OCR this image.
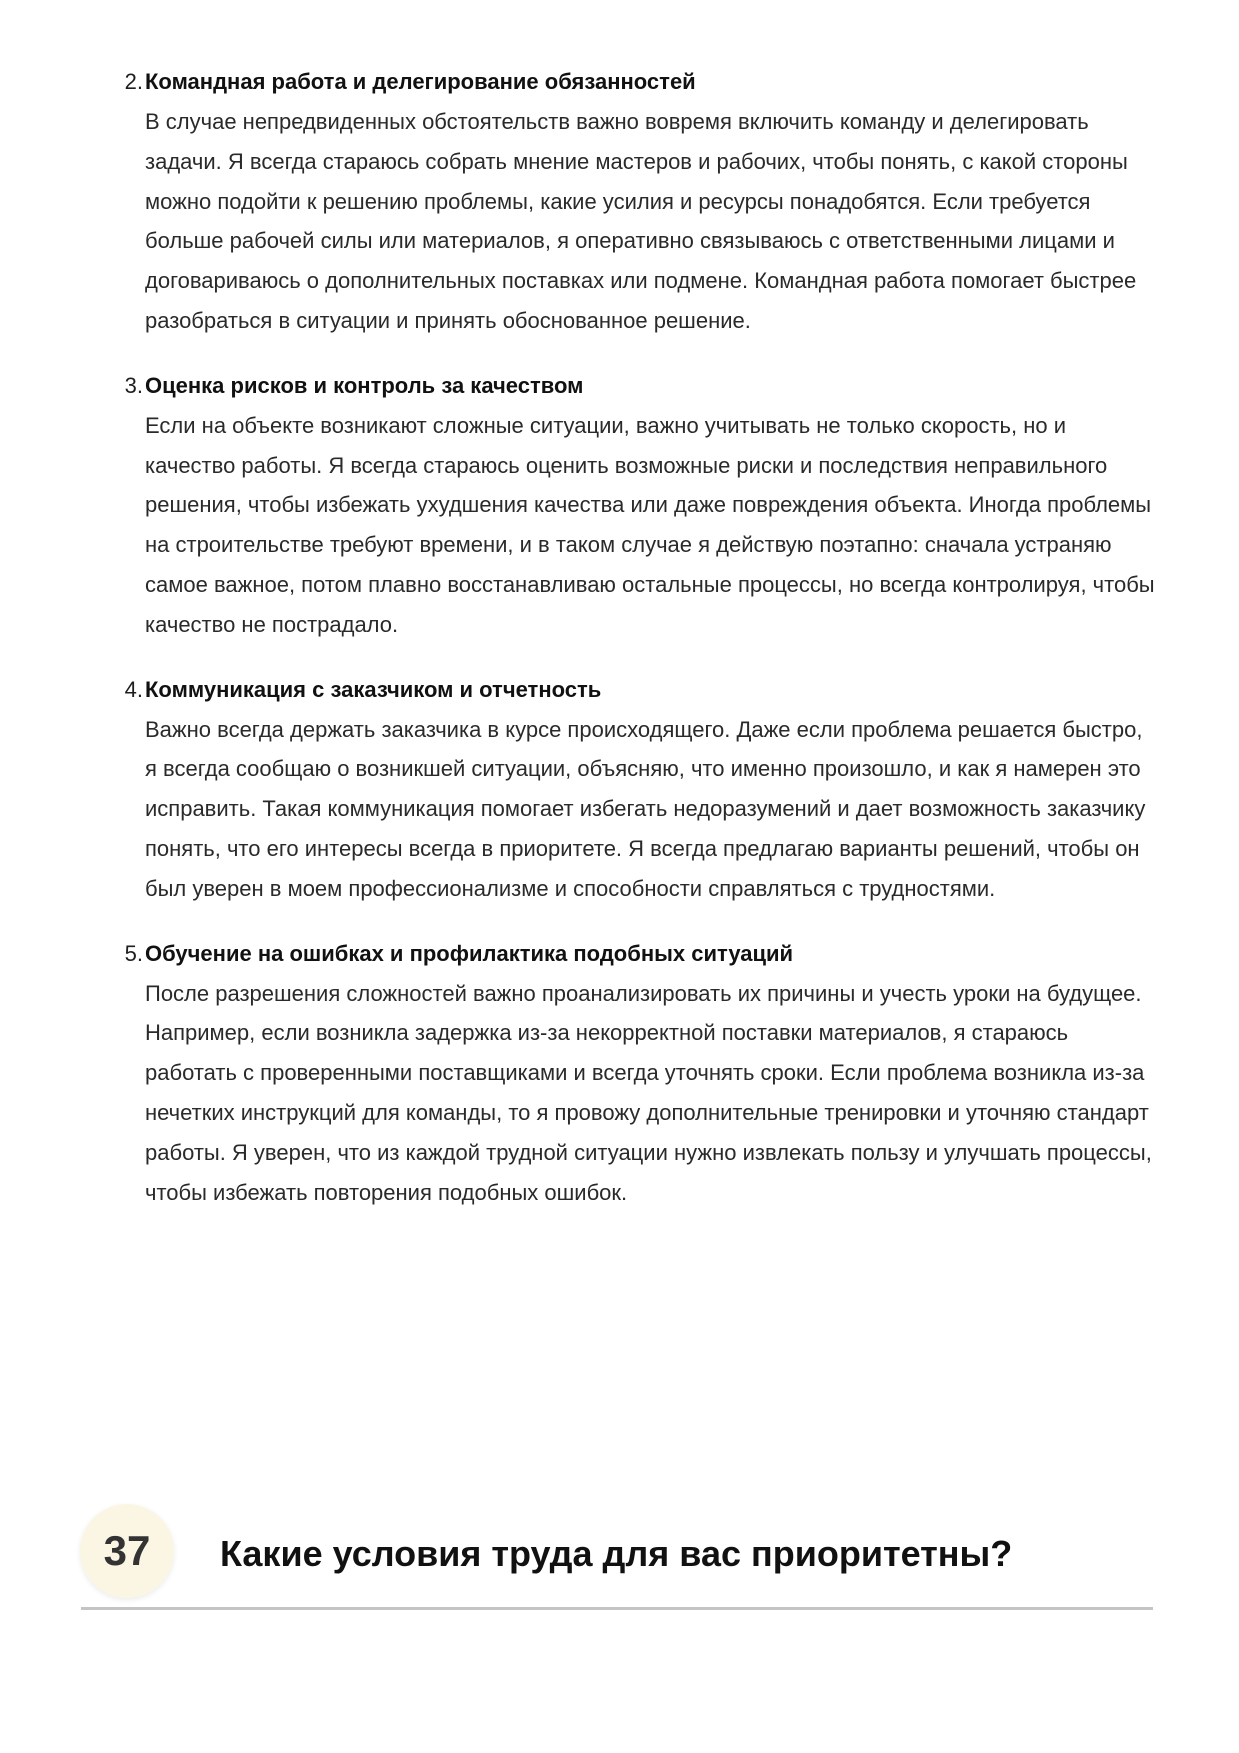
2. Командная работа и делегирование обязанностей
В случае непредвиденных обстоятельств важно вовремя включить команду и делегировать задачи. Я всегда стараюсь собрать мнение мастеров и рабочих, чтобы понять, с какой стороны можно подойти к решению проблемы, какие усилия и ресурсы понадобятся. Если требуется больше рабочей силы или материалов, я оперативно связываюсь с ответственными лицами и договариваюсь о дополнительных поставках или подмене. Командная работа помогает быстрее разобраться в ситуации и принять обоснованное решение.
3. Оценка рисков и контроль за качеством
Если на объекте возникают сложные ситуации, важно учитывать не только скорость, но и качество работы. Я всегда стараюсь оценить возможные риски и последствия неправильного решения, чтобы избежать ухудшения качества или даже повреждения объекта. Иногда проблемы на строительстве требуют времени, и в таком случае я действую поэтапно: сначала устраняю самое важное, потом плавно восстанавливаю остальные процессы, но всегда контролируя, чтобы качество не пострадало.
4. Коммуникация с заказчиком и отчетность
Важно всегда держать заказчика в курсе происходящего. Даже если проблема решается быстро, я всегда сообщаю о возникшей ситуации, объясняю, что именно произошло, и как я намерен это исправить. Такая коммуникация помогает избегать недоразумений и дает возможность заказчику понять, что его интересы всегда в приоритете. Я всегда предлагаю варианты решений, чтобы он был уверен в моем профессионализме и способности справляться с трудностями.
5. Обучение на ошибках и профилактика подобных ситуаций
После разрешения сложностей важно проанализировать их причины и учесть уроки на будущее. Например, если возникла задержка из-за некорректной поставки материалов, я стараюсь работать с проверенными поставщиками и всегда уточнять сроки. Если проблема возникла из-за нечетких инструкций для команды, то я провожу дополнительные тренировки и уточняю стандарт работы. Я уверен, что из каждой трудной ситуации нужно извлекать пользу и улучшать процессы, чтобы избежать повторения подобных ошибок.
37	Какие условия труда для вас приоритетны?
